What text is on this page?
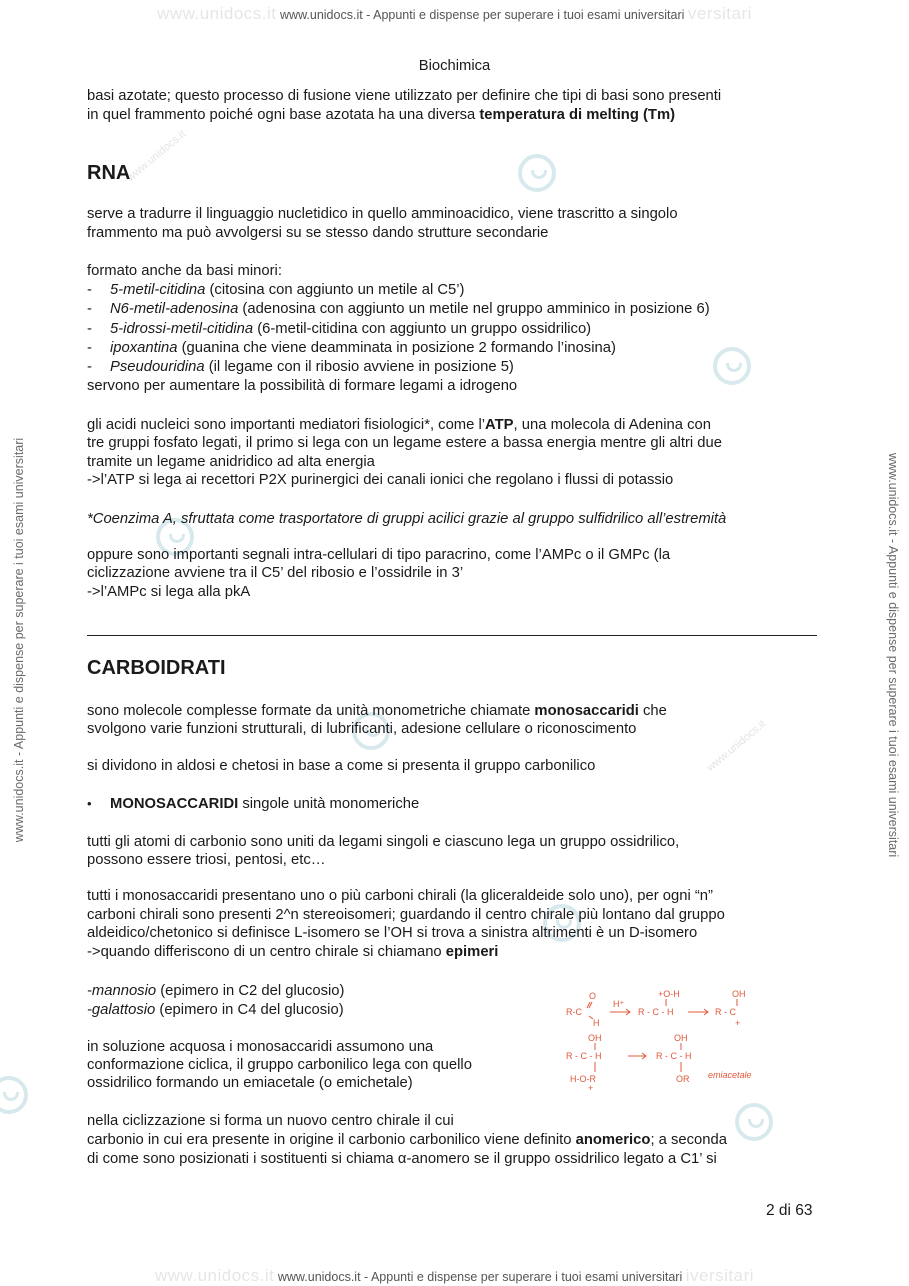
www.unidocs.it www.unidocs.it - Appunti e dispense per superare i tuoi esami universitari versitari
www.unidocs.it www.unidocs.it - Appunti e dispense per superare i tuoi esami universitari iversitari
www.unidocs.it - Appunti e dispense per superare i tuoi esami universitari	www.unidocs.it - Appunti e dispense per superare i tuoi esami universitari
www.unidocs.it
www.unidocs.it
Biochimica
basi azotate; questo processo di fusione viene utilizzato per definire che tipi di basi sono presenti
in quel frammento poiché ogni base azotata ha una diversa temperatura di melting (Tm)
RNA
serve a tradurre il linguaggio nucletidico in quello amminoacidico, viene trascritto a singolo
frammento ma può avvolgersi su se stesso dando strutture secondarie
formato anche da basi minori:
- 5-metil-citidina (citosina con aggiunto un metile al C5’)
- N6-metil-adenosina (adenosina con aggiunto un metile nel gruppo amminico in posizione 6)
- 5-idrossi-metil-citidina (6-metil-citidina con aggiunto un gruppo ossidrilico)
- ipoxantina (guanina che viene deamminata in posizione 2 formando l’inosina)
- Pseudouridina (il legame con il ribosio avviene in posizione 5)
servono per aumentare la possibilità di formare legami a idrogeno
gli acidi nucleici sono importanti mediatori fisiologici*, come l’ATP, una molecola di Adenina con
tre gruppi fosfato legati, il primo si lega con un legame estere a bassa energia mentre gli altri due
tramite un legame anidridico ad alta energia
->l’ATP si lega ai recettori P2X purinergici dei canali ionici che regolano i flussi di potassio
*Coenzima A, sfruttata come trasportatore di gruppi acilici grazie al gruppo sulfidrilico all’estremità
oppure sono importanti segnali intra-cellulari di tipo paracrino, come l’AMPc o il GMPc (la
ciclizzazione avviene tra il C5’ del ribosio e l’ossidrile in 3’
->l’AMPc si lega alla pkA
CARBOIDRATI
sono molecole complesse formate da unità monometriche chiamate monosaccaridi che
svolgono varie funzioni strutturali, di lubrificanti, adesione cellulare o riconoscimento
si dividono in aldosi e chetosi in base a come si presenta il gruppo carbonilico
• MONOSACCARIDI singole unità monomeriche
tutti gli atomi di carbonio sono uniti da legami singoli e ciascuno lega un gruppo ossidrilico,
possono essere triosi, pentosi, etc…
tutti i monosaccaridi presentano uno o più carboni chirali (la gliceraldeide solo uno), per ogni “n”
carboni chirali sono presenti 2^n stereoisomeri; guardando il centro chirale più lontano dal gruppo
aldeidico/chetonico si definisce L-isomero se l’OH si trova a sinistra altrimenti è un D-isomero
->quando differiscono di un centro chirale si chiamano epimeri
-mannosio (epimero in C2 del glucosio)
-galattosio (epimero in C4 del glucosio)
in soluzione acquosa i monosaccaridi assumono una
conformazione ciclica, il gruppo carbonilico lega con quello
ossidrilico formando un emiacetale (o emichetale)
nella ciclizzazione si forma un nuovo centro chirale il cui
carbonio in cui era presente in origine il carbonio carbonilico viene definito anomerico; a seconda
di come sono posizionati i sostituenti si chiama α-anomero se il gruppo ossidrilico legato a C1’ si
R-C
O
H
H⁺
+O-H
R - C - H
OH
R - C
+
OH
R - C - H
H-O-R
+
OH
R - C - H
OR emiacetale
2 di 63
